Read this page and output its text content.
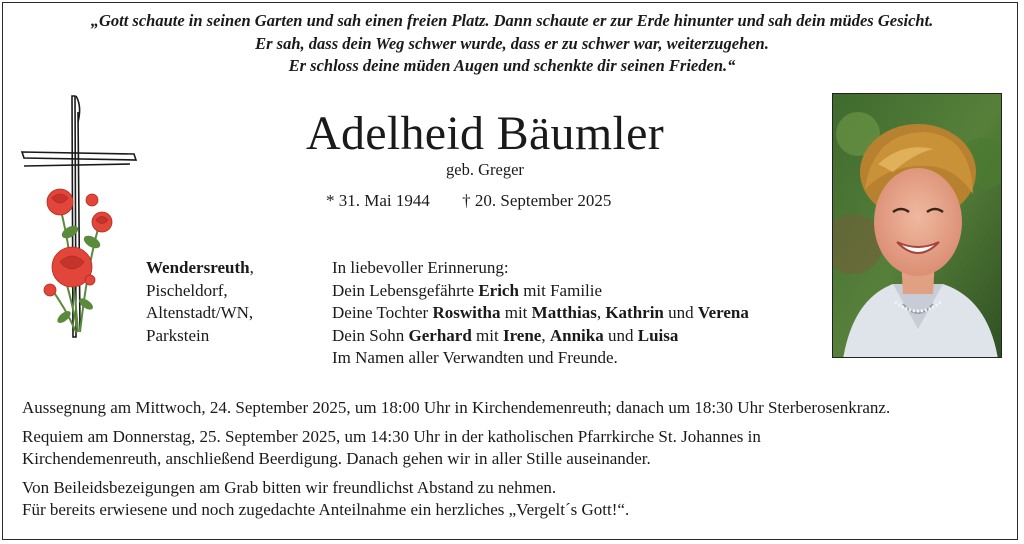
„Gott schaute in seinen Garten und sah einen freien Platz. Dann schaute er zur Erde hinunter und sah dein müdes Gesicht.
Er sah, dass dein Weg schwer wurde, dass er zu schwer war, weiterzugehen.
Er schloss deine müden Augen und schenkte dir seinen Frieden.“
Adelheid Bäumler
geb. Greger
* 31. Mai 1944 † 20. September 2025
Wendersreuth,
Pischeldorf,
Altenstadt/WN,
Parkstein
In liebevoller Erinnerung:
Dein Lebensgefährte Erich mit Familie
Deine Tochter Roswitha mit Matthias, Kathrin und Verena
Dein Sohn Gerhard mit Irene, Annika und Luisa
Im Namen aller Verwandten und Freunde.

Aussegnung am Mittwoch, 24. September 2025, um 18:00 Uhr in Kirchendemenreuth; danach um 18:30 Uhr Sterberosenkranz.

Requiem am Donnerstag, 25. September 2025, um 14:30 Uhr in der katholischen Pfarrkirche St. Johannes in

Kirchendemenreuth, anschließend Beerdigung. Danach gehen wir in aller Stille auseinander.

Von Beileidsbezeigungen am Grab bitten wir freundlichst Abstand zu nehmen.

Für bereits erwiesene und noch zugedachte Anteilnahme ein herzliches „Vergelt´s Gott!“.
